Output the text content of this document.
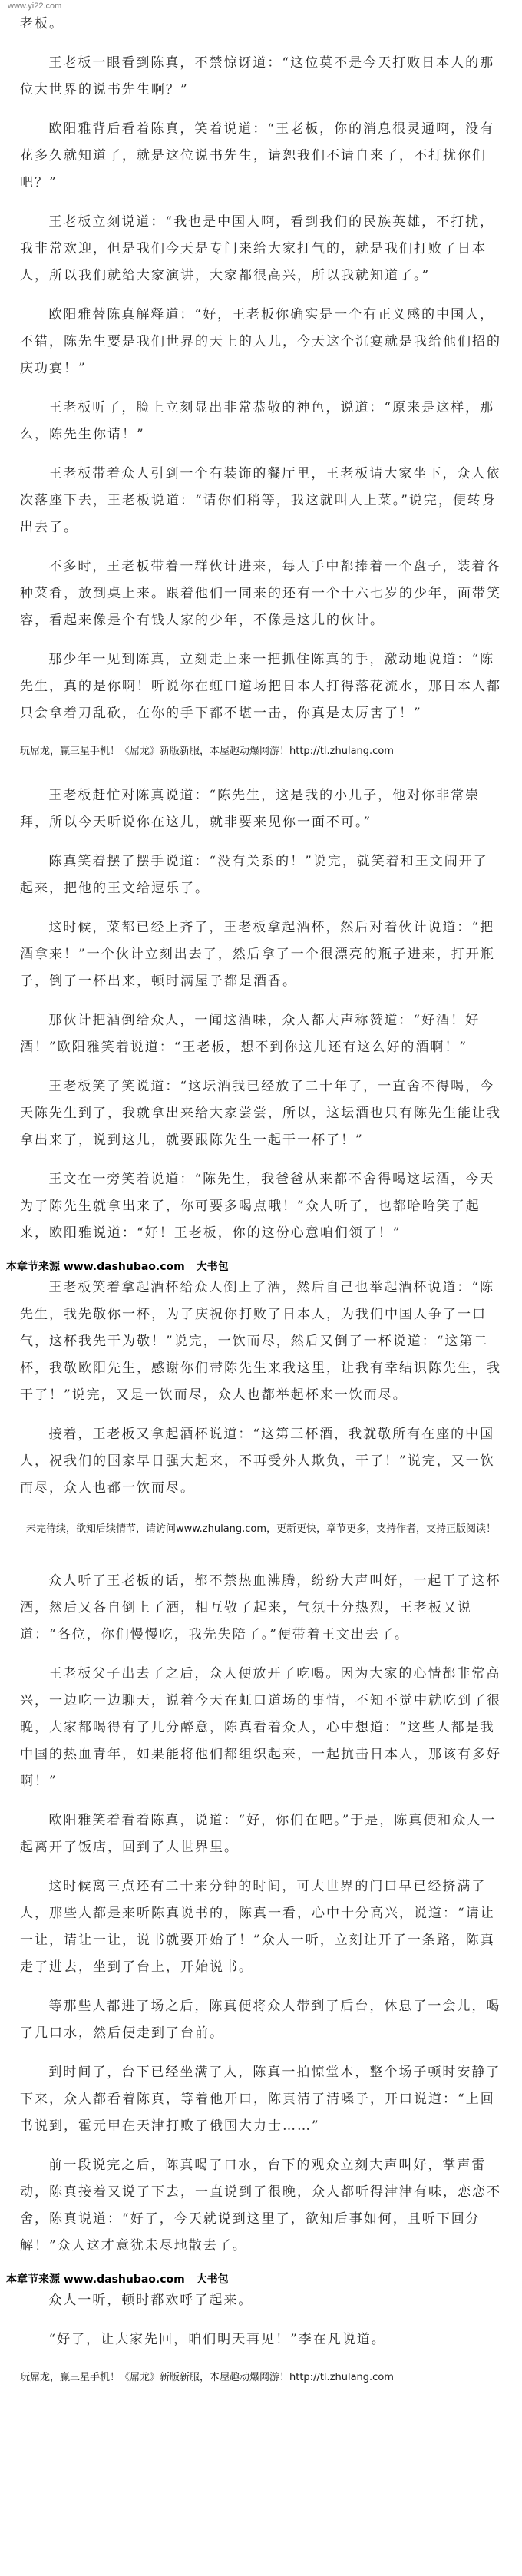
www.yi22.com

老板。

王老板一眼看到陈真，不禁惊讶道：“这位莫不是今天打败日本人的那位大世界的说书先生啊？”

欧阳雅背后看着陈真，笑着说道：“王老板，你的消息很灵通啊，没有花多久就知道了，就是这位说书先生，请恕我们不请自来了，不打扰你们吧？”

王老板立刻说道：“我也是中国人啊，看到我们的民族英雄，不打扰，我非常欢迎，但是我们今天是专门来给大家打气的，就是我们打败了日本人，所以我们就给大家演讲，大家都很高兴，所以我就知道了。”

欧阳雅替陈真解释道：“好，王老板你确实是一个有正义感的中国人，不错，陈先生要是我们世界的天上的人儿，今天这个沉宴就是我给他们招的庆功宴！”

王老板听了，脸上立刻显出非常恭敬的神色，说道：“原来是这样，那么，陈先生你请！”

王老板带着众人引到一个有装饰的餐厅里，王老板请大家坐下，众人依次落座下去，王老板说道：“请你们稍等，我这就叫人上菜。”说完，便转身出去了。

不多时，王老板带着一群伙计进来，每人手中都捧着一个盘子，装着各种菜肴，放到桌上来。跟着他们一同来的还有一个十六七岁的少年，面带笑容，看起来像是个有钱人家的少年，不像是这儿的伙计。

那少年一见到陈真，立刻走上来一把抓住陈真的手，激动地说道：“陈先生，真的是你啊！听说你在虹口道场把日本人打得落花流水，那日本人都只会拿着刀乱砍，在你的手下都不堪一击，你真是太厉害了！”

玩屌龙，赢三星手机！《屌龙》新版新服，本屋趣动爆网游！http://tl.zhulang.com

王老板赶忙对陈真说道：“陈先生，这是我的小儿子，他对你非常崇拜，所以今天听说你在这儿，就非要来见你一面不可。”

陈真笑着摆了摆手说道：“没有关系的！”说完，就笑着和王文闹开了起来，把他的王文给逗乐了。

这时候，菜都已经上齐了，王老板拿起酒杯，然后对着伙计说道：“把酒拿来！”一个伙计立刻出去了，然后拿了一个很漂亮的瓶子进来，打开瓶子，倒了一杯出来，顿时满屋子都是酒香。

那伙计把酒倒给众人，一闻这酒味，众人都大声称赞道：“好酒！好酒！”欧阳雅笑着说道：“王老板，想不到你这儿还有这么好的酒啊！”

王老板笑了笑说道：“这坛酒我已经放了二十年了，一直舍不得喝，今天陈先生到了，我就拿出来给大家尝尝，所以，这坛酒也只有陈先生能让我拿出来了，说到这儿，就要跟陈先生一起干一杯了！”

王文在一旁笑着说道：“陈先生，我爸爸从来都不舍得喝这坛酒，今天为了陈先生就拿出来了，你可要多喝点哦！”众人听了，也都哈哈笑了起来，欧阳雅说道：“好！王老板，你的这份心意咱们领了！”

本章节来源 www.dashubao.com 大书包

王老板笑着拿起酒杯给众人倒上了酒，然后自己也举起酒杯说道：“陈先生，我先敬你一杯，为了庆祝你打败了日本人，为我们中国人争了一口气，这杯我先干为敬！”说完，一饮而尽，然后又倒了一杯说道：“这第二杯，我敬欧阳先生，感谢你们带陈先生来我这里，让我有幸结识陈先生，我干了！”说完，又是一饮而尽，众人也都举起杯来一饮而尽。

接着，王老板又拿起酒杯说道：“这第三杯酒，我就敬所有在座的中国人，祝我们的国家早日强大起来，不再受外人欺负，干了！”说完，又一饮而尽，众人也都一饮而尽。

未完待续，欲知后续情节，请访问www.zhulang.com，更新更快，章节更多，支持作者，支持正版阅读！

众人听了王老板的话，都不禁热血沸腾，纷纷大声叫好，一起干了这杯酒，然后又各自倒上了酒，相互敬了起来，气氛十分热烈，王老板又说道：“各位，你们慢慢吃，我先失陪了。”便带着王文出去了。

王老板父子出去了之后，众人便放开了吃喝。因为大家的心情都非常高兴，一边吃一边聊天，说着今天在虹口道场的事情，不知不觉中就吃到了很晚，大家都喝得有了几分醉意，陈真看着众人，心中想道：“这些人都是我中国的热血青年，如果能将他们都组织起来，一起抗击日本人，那该有多好啊！”

欧阳雅笑着看着陈真，说道：“好，你们在吧。”于是，陈真便和众人一起离开了饭店，回到了大世界里。

这时候离三点还有二十来分钟的时间，可大世界的门口早已经挤满了人，那些人都是来听陈真说书的，陈真一看，心中十分高兴，说道：“请让一让，请让一让，说书就要开始了！”众人一听，立刻让开了一条路，陈真走了进去，坐到了台上，开始说书。

等那些人都进了场之后，陈真便将众人带到了后台，休息了一会儿，喝了几口水，然后便走到了台前。

到时间了，台下已经坐满了人，陈真一拍惊堂木，整个场子顿时安静了下来，众人都看着陈真，等着他开口，陈真清了清嗓子，开口说道：“上回书说到，霍元甲在天津打败了俄国大力士……”

前一段说完之后，陈真喝了口水，台下的观众立刻大声叫好，掌声雷动，陈真接着又说了下去，一直说到了很晚，众人都听得津津有味，恋恋不舍，陈真说道：“好了，今天就说到这里了，欲知后事如何，且听下回分解！”众人这才意犹未尽地散去了。

本章节来源 www.dashubao.com 大书包

众人一听，顿时都欢呼了起来。

“好了，让大家先回，咱们明天再见！”李在凡说道。

玩屌龙，赢三星手机！《屌龙》新版新服，本屋趣动爆网游！http://tl.zhulang.com
